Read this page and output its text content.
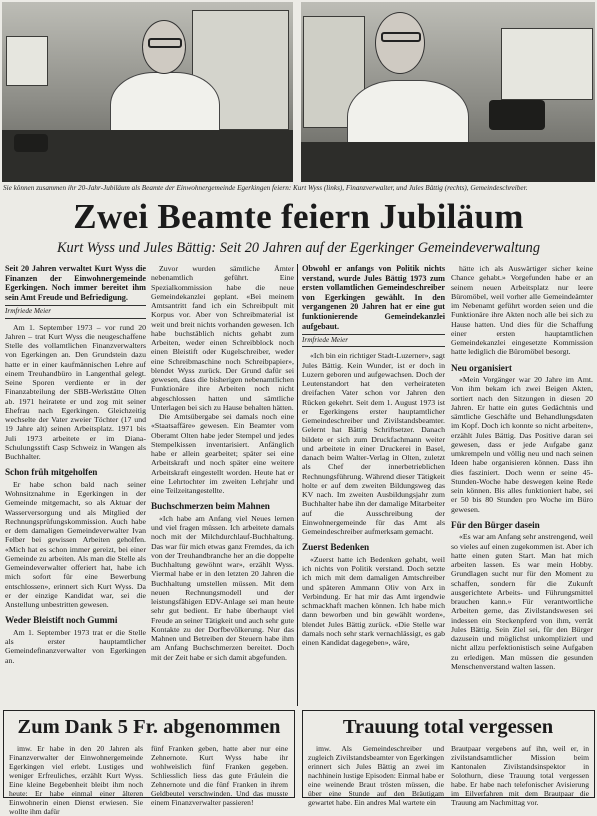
Sie können zusammen ihr 20-Jahr-Jubiläum als Beamte der Einwohnergemeinde Egerkingen feiern: Kurt Wyss (links), Finanzverwalter, und Jules Bättig (rechts), Gemeindeschreiber.
Zwei Beamte feiern Jubiläum
Kurt Wyss und Jules Bättig: Seit 20 Jahren auf der Egerkinger Gemeindeverwaltung

Seit 20 Jahren verwaltet Kurt Wyss die Finanzen der Einwohnergemeinde Egerkingen. Noch immer bereitet ihm sein Amt Freude und Befriedigung.

Irmfriede Meier

Am 1. September 1973 – vor rund 20 Jahren – trat Kurt Wyss die neugeschaffene Stelle des vollamtlichen Finanzverwalters von Egerkingen an. Den Grundstein dazu hatte er in einer kaufmännischen Lehre auf einem Treuhandbüro in Langenthal gelegt. Seine Sporen verdiente er in der Finanzabteilung der SBB-Werkstätte Olten ab. 1971 heiratete er und zog mit seiner Ehefrau nach Egerkingen. Gleichzeitig wechselte der Vater zweier Töchter (17 und 19 Jahre alt) seinen Arbeitsplatz. 1971 bis Juli 1973 arbeitete er im Diana-Schulungsstift Casp Schweiz in Wangen als Buchhalter.

Schon früh mitgeholfen

Er habe schon bald nach seiner Wohnsitznahme in Egerkingen in der Gemeinde mitgemacht, so als Aktuar der Wasserversorgung und als Mitglied der Rechnungsprüfungskommission. Auch habe er dem damaligen Gemeindeverwalter Ivan Felber bei gewissen Arbeiten geholfen. «Mich hat es schon immer gereizt, bei einer Gemeinde zu arbeiten. Als man die Stelle als Gemeindeverwalter offeriert hat, habe ich mich sofort für eine Bewerbung entschlossen», erinnert sich Kurt Wyss. Da er der einzige Kandidat war, sei die Anstellung unbestritten gewesen.

Weder Bleistift noch Gummi

Am 1. September 1973 trat er die Stelle als erster hauptamtlicher Gemeindefinanzverwalter von Egerkingen an.

Zuvor wurden sämtliche Ämter nebenamtlich geführt. Eine Spezialkommission habe die neue Gemeindekanzlei geplant. «Bei meinem Amtsantritt fand ich ein Schreibpult mit Korpus vor. Aber von Schreibmaterial ist weit und breit nichts vorhanden gewesen. Ich habe buchstäblich nichts gehabt zum Arbeiten, weder einen Schreibblock noch einen Bleistift oder Kugelschreiber, weder eine Schreibmaschine noch Schreibpapier», blendet Wyss zurück. Der Grund dafür sei gewesen, dass die bisherigen nebenamtlichen Funktionäre ihre Arbeiten noch nicht abgeschlossen hatten und sämtliche Unterlagen bei sich zu Hause behalten hätten.

Die Amtsübergabe sei damals noch eine «Staatsaffäre» gewesen. Ein Beamter vom Oberamt Olten habe jeder Stempel und jedes Stempelkissen inventarisiert. Anfänglich habe er allein gearbeitet; später sei eine Arbeitskraft und noch später eine weitere Arbeitskraft eingestellt worden. Heute hat er eine Lehrtochter im zweiten Lehrjahr und eine Teilzeitangestellte.

Buchschmerzen beim Mahnen

«Ich habe am Anfang viel Neues lernen und viel fragen müssen. Ich arbeitete damals noch mit der Milchdurchlauf-Buchhaltung. Das war für mich etwas ganz Fremdes, da ich von der Treuhandbranche her an die doppelte Buchhaltung gewöhnt war», erzählt Wyss. Viermal habe er in den letzten 20 Jahren die Buchhaltung umstellen müssen. Mit dem neuen Rechnungsmodell und der leistungsfähigen EDV-Anlage sei man heute sehr gut bedient. Er habe überhaupt viel Freude an seiner Tätigkeit und auch sehr gute Kontakte zu der Dorfbevölkerung. Nur das Mahnen und Betreiben der Steuern habe ihm am Anfang Buchschmerzen bereitet. Doch mit der Zeit habe er sich damit abgefunden.

Obwohl er anfangs von Politik nichts verstand, wurde Jules Bättig 1973 zum ersten vollamtlichen Gemeindeschreiber von Egerkingen gewählt. In den vergangenen 20 Jahren hat er eine gut funktionierende Gemeindekanzlei aufgebaut.

Irmfriede Meier

«Ich bin ein richtiger Stadt-Luzerner», sagt Jules Bättig. Kein Wunder, ist er doch in Luzern geboren und aufgewachsen. Doch der Leutenstandort hat den verheirateten dreifachen Vater schon vor Jahren den Rücken gekehrt. Seit dem 1. August 1973 ist er Egerkingens erster hauptamtlicher Gemeindeschreiber und Zivilstandsbeamter. Gelernt hat Bättig Schriftsetzer. Danach bildete er sich zum Druckfachmann weiter und arbeitete in einer Druckerei in Basel, danach beim Walter-Verlag in Olten, zuletzt als Chef der innerbetrieblichen Rechnungsführung. Während dieser Tätigkeit holte er auf dem zweiten Bildungsweg das KV nach. Im zweiten Ausbildungsjahr zum Buchhalter habe ihn der damalige Mitarbeiter auf die Ausschreibung der Einwohnergemeinde für das Amt als Gemeindeschreiber aufmerksam gemacht.

Zuerst Bedenken

«Zuerst hatte ich Bedenken gehabt, weil ich nichts von Politik verstand. Doch setzte ich mich mit dem damaligen Amtschreiber und späteren Ammann Oliv von Arx in Verbindung. Er hat mir das Amt irgendwie schmackhaft machen können. Ich habe mich dann beworben und bin gewählt worden», blendet Jules Bättig zurück. «Die Stelle war damals noch sehr stark vernachlässigt, es gab einen Kandidat dagegeben», wäre,

hätte ich als Auswärtiger sicher keine Chance gehabt.» Vorgefunden habe er an seinem neuen Arbeitsplatz nur leere Büromöbel, weil vorher alle Gemeindeämter im Nebenamt geführt worden seien und die Funktionäre ihre Akten noch alle bei sich zu Hause hatten. Und dies für die Schaffung einer ersten hauptamtlichen Gemeindekanzlei eingesetzte Kommission hatte lediglich die Büromöbel besorgt.

Neu organisiert

«Mein Vorgänger war 20 Jahre im Amt. Von ihm bekam ich zwei Beigen Akten, sortiert nach den Sitzungen in diesen 20 Jahren. Er hatte ein gutes Gedächtnis und sämtliche Geschäfte und Behandlungsdaten im Kopf. Doch ich konnte so nicht arbeiten», erzählt Jules Bättig. Das Positive daran sei gewesen, dass er jede Aufgabe ganz umkrempeln und völlig neu und nach seinen Ideen habe organisieren können. Dass ihn dies fasziniert. Doch wenn er seine 45-Stunden-Woche habe deswegen keine Rede sein können. Bis alles funktioniert habe, sei er 50 bis 80 Stunden pro Woche im Büro gewesen.

Für den Bürger dasein

«Es war am Anfang sehr anstrengend, weil so vieles auf einen zugekommen ist. Aber ich hatte einen guten Start. Man hat mich arbeiten lassen. Es war mein Hobby. Grundlagen sucht nur für den Moment zu schaffen, sondern für die Zukunft ausgerichtete Arbeits- und Führungsmittel brauchen kann.» Für verantwortliche Arbeiten gerne, das Zivilstandswesen sei indessen ein Steckenpferd von ihm, verrät Jules Bättig. Sein Ziel sei, für den Bürger dazusein und möglichst unkompliziert und nicht allzu perfektionistisch seine Aufgaben zu erledigen. Man müssen die gesunden Menschenverstand walten lassen.

Zum Dank 5 Fr. abgenommen

imw. Er habe in den 20 Jahren als Finanzverwalter der Einwohnergemeinde Egerkingen viel erlebt. Lustiges und weniger Erfreuliches, erzählt Kurt Wyss. Eine kleine Begebenheit bleibt ihm noch heute: Er habe einmal einer älteren Einwohnerin einen Dienst erwiesen. Sie wollte ihm dafür

fünf Franken geben, hatte aber nur eine Zehnernote. Kurt Wyss habe ihr wohlweislich fünf Franken gegeben. Schliesslich liess das gute Fräulein die Zehnernote und die fünf Franken in ihrem Geldbeutel verschwinden. Und das musste einem Finanzverwalter passieren!

Trauung total vergessen

imw. Als Gemeindeschreiber und zugleich Zivilstandsbeamter von Egerkingen erinnert sich Jules Bättig an zwei im nachhinein lustige Episoden: Einmal habe er eine weinende Braut trösten müssen, die über eine Stunde auf den Bräutigam gewartet habe. Ein andres Mal wartete ein

Brautpaar vergebens auf ihn, weil er, in zivilstandsamtlicher Mission beim Kantonalen Zivilstandsinspektor in Solothurn, diese Trauung total vergessen habe. Er habe nach telefonischer Avisierung im Eilverfahren mit dem Brautpaar die Trauung am Nachmittag vor.
